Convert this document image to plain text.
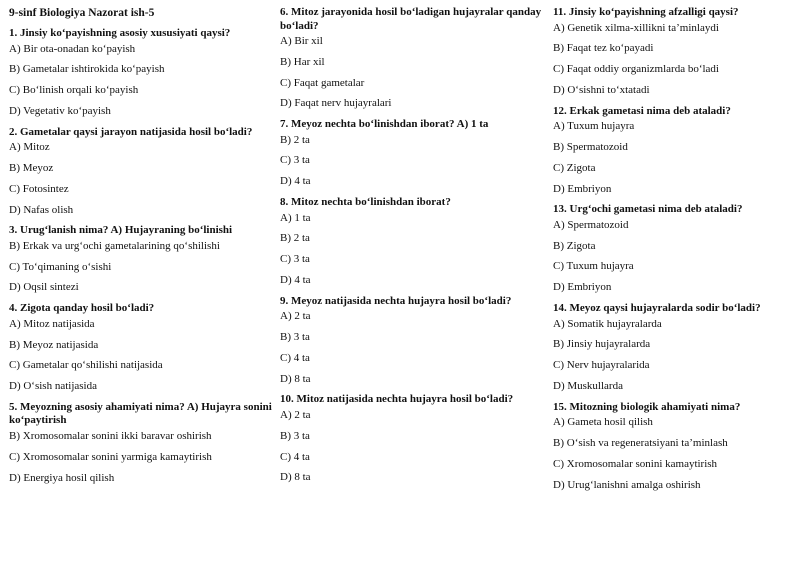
9-sinf Biologiya Nazorat ish-5
1. Jinsiy ko‘payishning asosiy xususiyati qaysi?
A) Bir ota-onadan ko‘payish
B) Gametalar ishtirokida ko‘payish
C) Bo‘linish orqali ko‘payish
D) Vegetativ ko‘payish
2. Gametalar qaysi jarayon natijasida hosil bo‘ladi?
A) Mitoz
B) Meyoz
C) Fotosintez
D) Nafas olish
3. Urug‘lanish nima? A) Hujayraning bo‘linishi
B) Erkak va urg‘ochi gametalarining qo‘shilishi
C) To‘qimaning o‘sishi
D) Oqsil sintezi
4. Zigota qanday hosil bo‘ladi?
A) Mitoz natijasida
B) Meyoz natijasida
C) Gametalar qo‘shilishi natijasida
D) O‘sish natijasida
5. Meyozning asosiy ahamiyati nima? A) Hujayra sonini ko‘paytirish
B) Xromosomalar sonini ikki baravar oshirish
C) Xromosomalar sonini yarmiga kamaytirish
D) Energiya hosil qilish
6. Mitoz jarayonida hosil bo‘ladigan hujayralar qanday bo‘ladi?
A) Bir xil
B) Har xil
C) Faqat gametalar
D) Faqat nerv hujayralari
7. Meyoz nechta bo‘linishdan iborat? A) 1 ta
B) 2 ta
C) 3 ta
D) 4 ta
8. Mitoz nechta bo‘linishdan iborat?
A) 1 ta
B) 2 ta
C) 3 ta
D) 4 ta
9. Meyoz natijasida nechta hujayra hosil bo‘ladi?
A) 2 ta
B) 3 ta
C) 4 ta
D) 8 ta
10. Mitoz natijasida nechta hujayra hosil bo‘ladi?
A) 2 ta
B) 3 ta
C) 4 ta
D) 8 ta
11. Jinsiy ko‘payishning afzalligi qaysi?
A) Genetik xilma-xillikni ta’minlaydi
B) Faqat tez ko‘payadi
C) Faqat oddiy organizmlarda bo‘ladi
D) O‘sishni to‘xtatadi
12. Erkak gametasi nima deb ataladi?
A) Tuxum hujayra
B) Spermatozoid
C) Zigota
D) Embriyon
13. Urg‘ochi gametasi nima deb ataladi?
A) Spermatozoid
B) Zigota
C) Tuxum hujayra
D) Embriyon
14. Meyoz qaysi hujayralarda sodir bo‘ladi?
A) Somatik hujayralarda
B) Jinsiy hujayralarda
C) Nerv hujayralarida
D) Muskullarda
15. Mitozning biologik ahamiyati nima?
A) Gameta hosil qilish
B) O‘sish va regeneratsiyani ta’minlash
C) Xromosomalar sonini kamaytirish
D) Urug‘lanishni amalga oshirish
